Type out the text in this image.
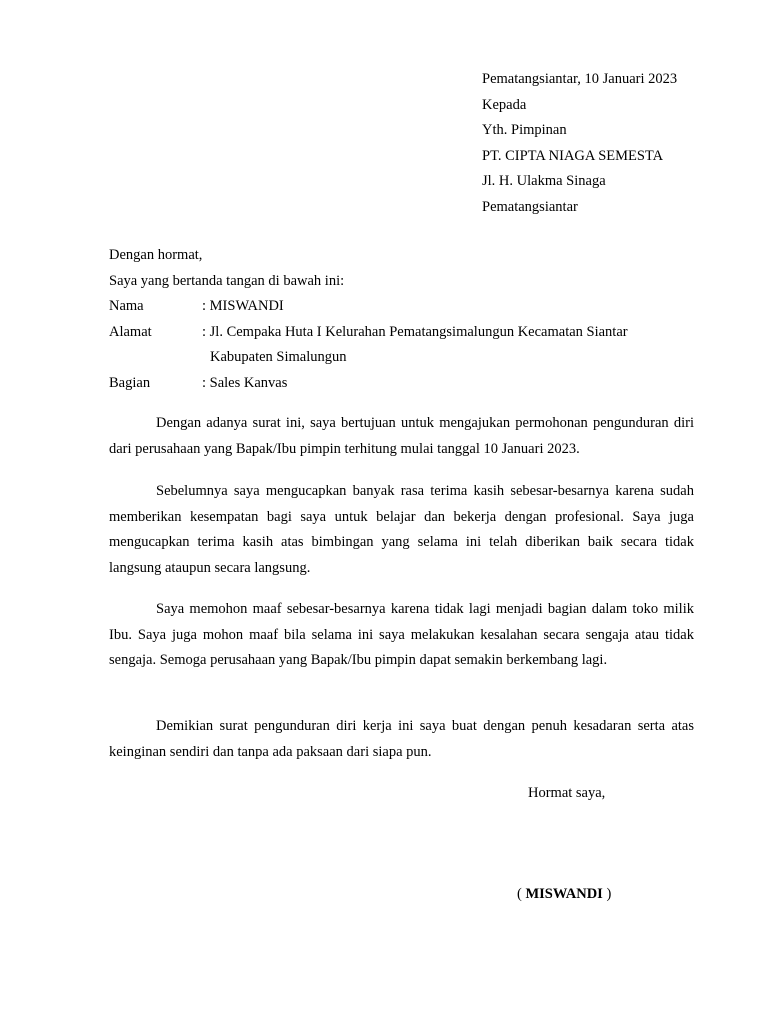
Pematangsiantar, 10 Januari 2023
Kepada
Yth. Pimpinan
PT. CIPTA NIAGA SEMESTA
Jl. H. Ulakma Sinaga
Pematangsiantar
Dengan hormat,
Saya yang bertanda tangan di bawah ini:
Nama	: MISWANDI
Alamat	: Jl. Cempaka Huta I Kelurahan Pematangsimalungun Kecamatan Siantar
Kabupaten Simalungun
Bagian	: Sales Kanvas

Dengan adanya surat ini, saya bertujuan untuk mengajukan permohonan pengunduran diri dari perusahaan yang Bapak/Ibu pimpin terhitung mulai tanggal 10 Januari 2023.

Sebelumnya saya mengucapkan banyak rasa terima kasih sebesar-besarnya karena sudah memberikan kesempatan bagi saya untuk belajar dan bekerja dengan profesional. Saya juga mengucapkan terima kasih atas bimbingan yang selama ini telah diberikan baik secara tidak langsung ataupun secara langsung.

Saya memohon maaf sebesar-besarnya karena tidak lagi menjadi bagian dalam toko milik Ibu. Saya juga mohon maaf bila selama ini saya melakukan kesalahan secara sengaja atau tidak sengaja. Semoga perusahaan yang Bapak/Ibu pimpin dapat semakin berkembang lagi.

Demikian surat pengunduran diri kerja ini saya buat dengan penuh kesadaran serta atas keinginan sendiri dan tanpa ada paksaan dari siapa pun.

Hormat saya,
( MISWANDI )
